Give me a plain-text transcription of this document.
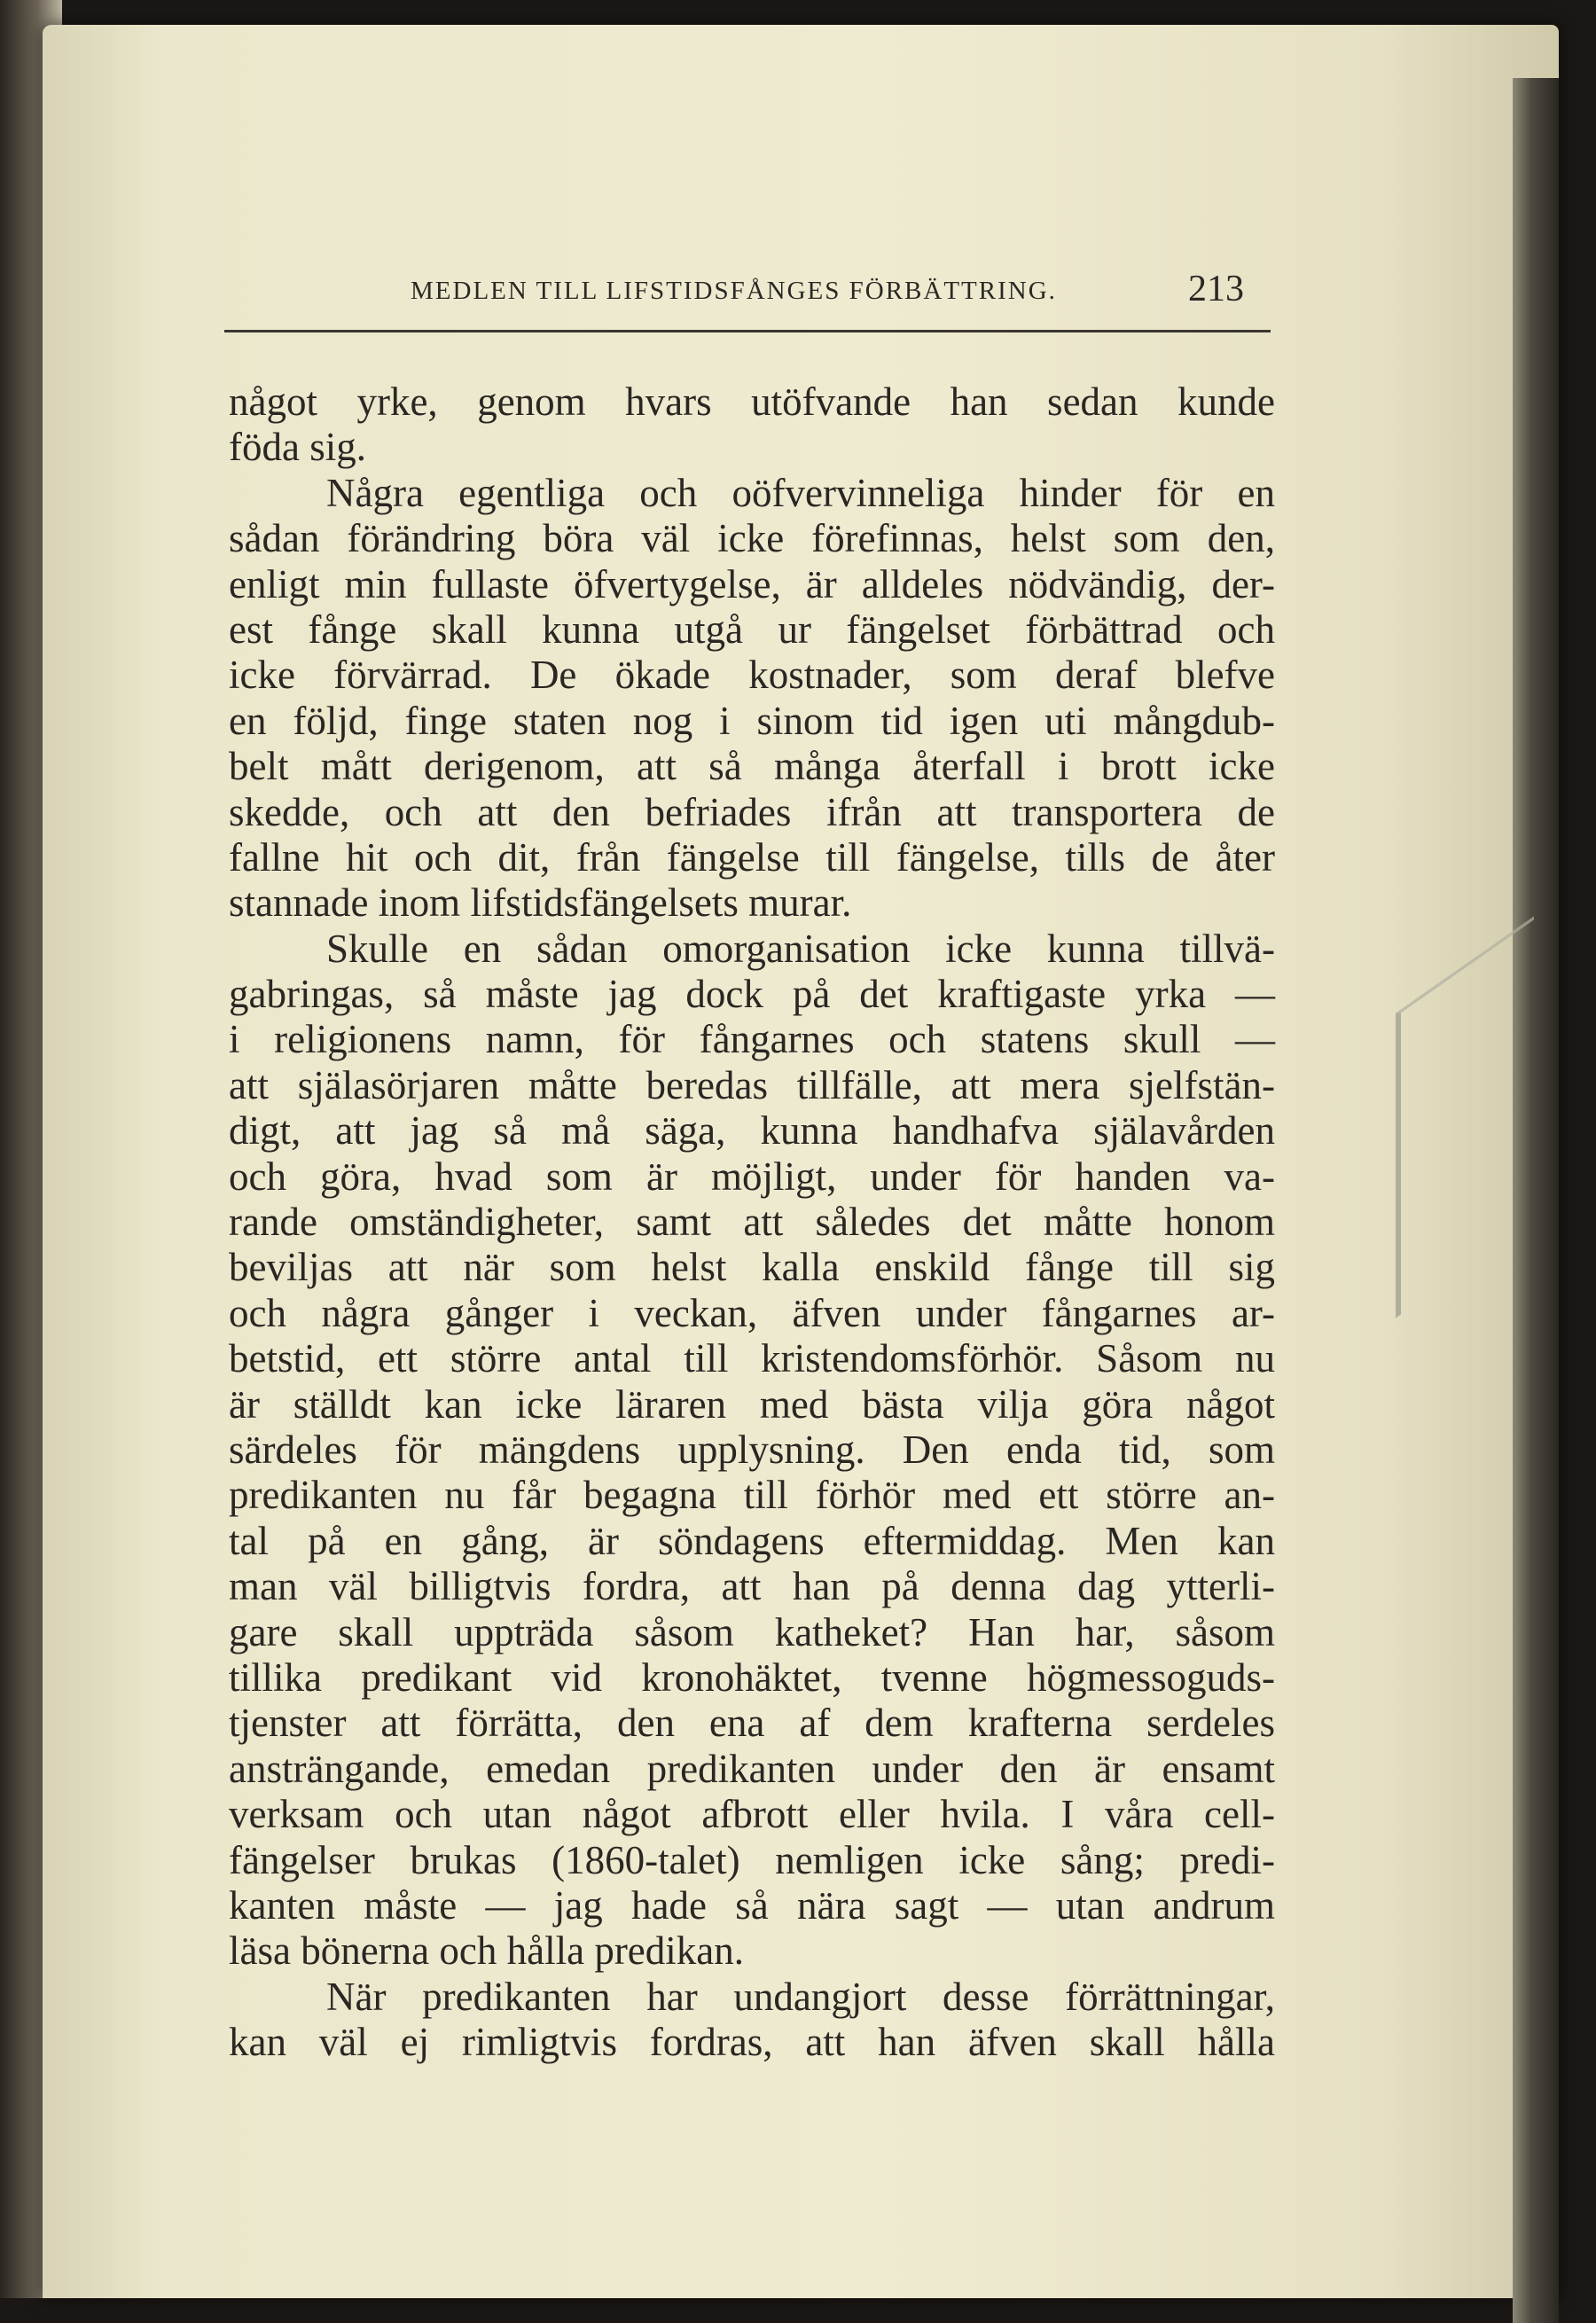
MEDLEN TILL LIFSTIDSFÅNGES FÖRBÄTTRING.	213
något yrke, genom hvars utöfvande han sedan kunde
föda sig.
Några egentliga och oöfvervinneliga hinder för en
sådan förändring böra väl icke förefinnas, helst som den,
enligt min fullaste öfvertygelse, är alldeles nödvändig, der-
est fånge skall kunna utgå ur fängelset förbättrad och
icke förvärrad. De ökade kostnader, som deraf blefve
en följd, finge staten nog i sinom tid igen uti mångdub-
belt mått derigenom, att så många återfall i brott icke
skedde, och att den befriades ifrån att transportera de
fallne hit och dit, från fängelse till fängelse, tills de åter
stannade inom lifstidsfängelsets murar.
Skulle en sådan omorganisation icke kunna tillvä-
gabringas, så måste jag dock på det kraftigaste yrka —
i religionens namn, för fångarnes och statens skull —
att själasörjaren måtte beredas tillfälle, att mera sjelfstän-
digt, att jag så må säga, kunna handhafva själavården
och göra, hvad som är möjligt, under för handen va-
rande omständigheter, samt att således det måtte honom
beviljas att när som helst kalla enskild fånge till sig
och några gånger i veckan, äfven under fångarnes ar-
betstid, ett större antal till kristendomsförhör. Såsom nu
är ställdt kan icke läraren med bästa vilja göra något
särdeles för mängdens upplysning. Den enda tid, som
predikanten nu får begagna till förhör med ett större an-
tal på en gång, är söndagens eftermiddag. Men kan
man väl billigtvis fordra, att han på denna dag ytterli-
gare skall uppträda såsom katheket? Han har, såsom
tillika predikant vid kronohäktet, tvenne högmessoguds-
tjenster att förrätta, den ena af dem krafterna serdeles
ansträngande, emedan predikanten under den är ensamt
verksam och utan något afbrott eller hvila. I våra cell-
fängelser brukas (1860-talet) nemligen icke sång; predi-
kanten måste — jag hade så nära sagt — utan andrum
läsa bönerna och hålla predikan.
När predikanten har undangjort desse förrättningar,
kan väl ej rimligtvis fordras, att han äfven skall hålla
